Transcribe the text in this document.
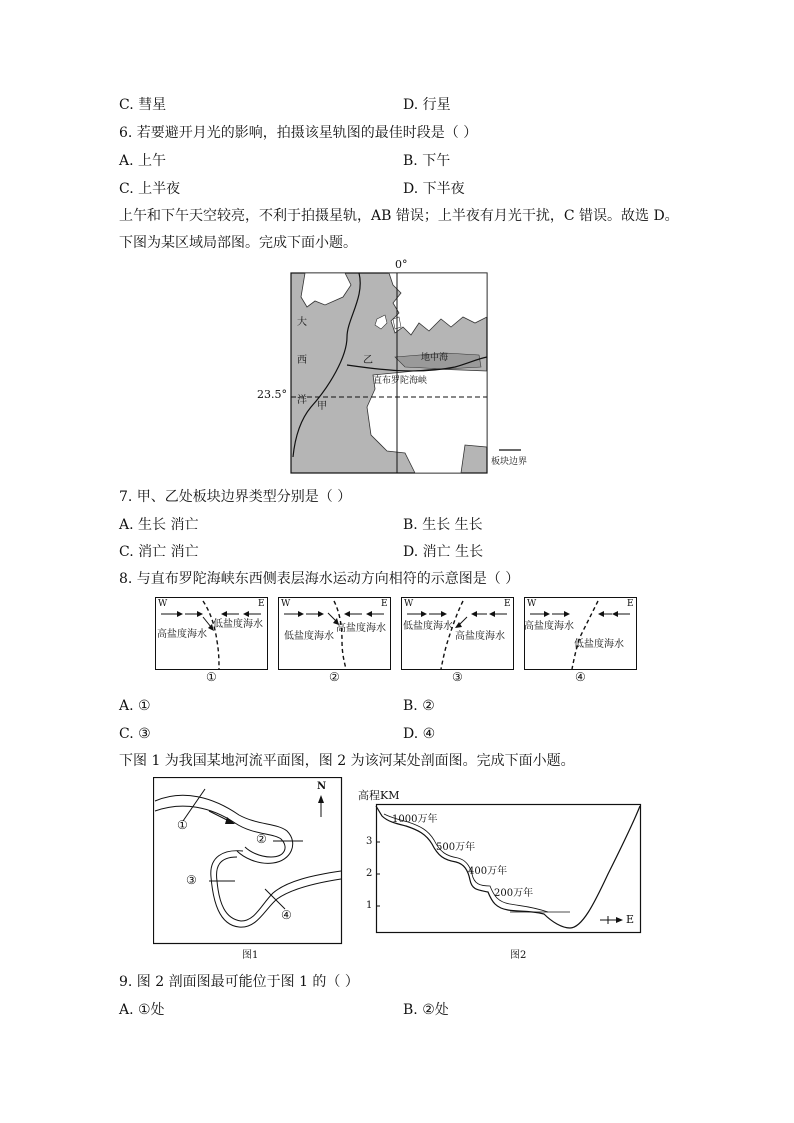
C. 彗星	D. 行星
6. 若要避开月光的影响，拍摄该星轨图的最佳时段是（ ）
A. 上午	B. 下午
C. 上半夜	D. 下半夜
上午和下午天空较亮，不利于拍摄星轨，AB 错误；上半夜有月光干扰，C 错误。故选 D。
下图为某区域局部图。完成下面小题。
0°
23.5°
大
西
洋
甲
乙	地中海
直布罗陀海峡
板块边界
7. 甲、乙处板块边界类型分别是（ ）
A. 生长 消亡	B. 生长 生长
C. 消亡 消亡	D. 消亡 生长
8. 与直布罗陀海峡东西侧表层海水运动方向相符的示意图是（ ）
W	E
高盐度海水
低盐度海水
①
W	E
低盐度海水
高盐度海水
②
W	E
低盐度海水
高盐度海水
③
W	E
高盐度海水
低盐度海水
④
A. ①	B. ②
C. ③	D. ④
下图 1 为我国某地河流平面图，图 2 为该河某处剖面图。完成下面小题。
N
①
②
③
④
图1
高程KM
3
2
1
1000万年
500万年
400万年
200万年
E
图2
9. 图 2 剖面图最可能位于图 1 的（ ）
A. ①处	B. ②处
